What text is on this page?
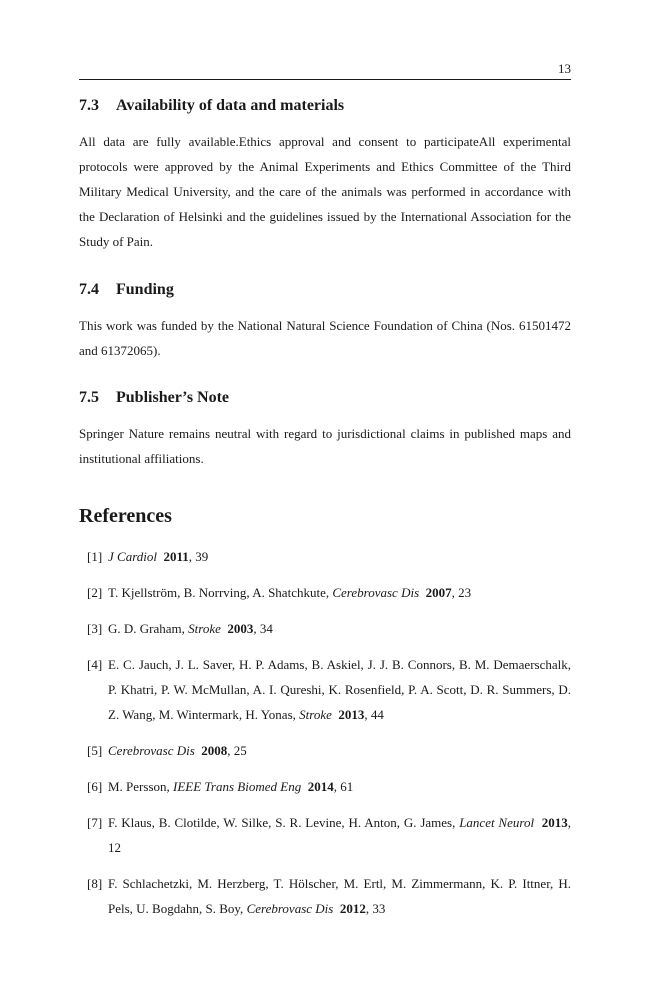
13
7.3 Availability of data and materials

All data are fully available.Ethics approval and consent to participateAll experimental protocols were approved by the Animal Experiments and Ethics Committee of the Third Military Medical University, and the care of the animals was performed in accordance with the Declaration of Helsinki and the guidelines issued by the International Association for the Study of Pain.

7.4 Funding

This work was funded by the National Natural Science Foundation of China (Nos. 61501472 and 61372065).

7.5 Publisher’s Note

Springer Nature remains neutral with regard to jurisdictional claims in published maps and institutional affiliations.

References
[1] J Cardiol 2011, 39
[2] T. Kjellström, B. Norrving, A. Shatchkute, Cerebrovasc Dis 2007, 23
[3] G. D. Graham, Stroke 2003, 34
[4] E. C. Jauch, J. L. Saver, H. P. Adams, B. Askiel, J. J. B. Connors, B. M. Demaerschalk, P. Khatri, P. W. McMullan, A. I. Qureshi, K. Rosenfield, P. A. Scott, D. R. Summers, D. Z. Wang, M. Wintermark, H. Yonas, Stroke 2013, 44
[5] Cerebrovasc Dis 2008, 25
[6] M. Persson, IEEE Trans Biomed Eng 2014, 61
[7] F. Klaus, B. Clotilde, W. Silke, S. R. Levine, H. Anton, G. James, Lancet Neurol 2013, 12
[8] F. Schlachetzki, M. Herzberg, T. Hölscher, M. Ertl, M. Zimmermann, K. P. Ittner, H. Pels, U. Bogdahn, S. Boy, Cerebrovasc Dis 2012, 33
